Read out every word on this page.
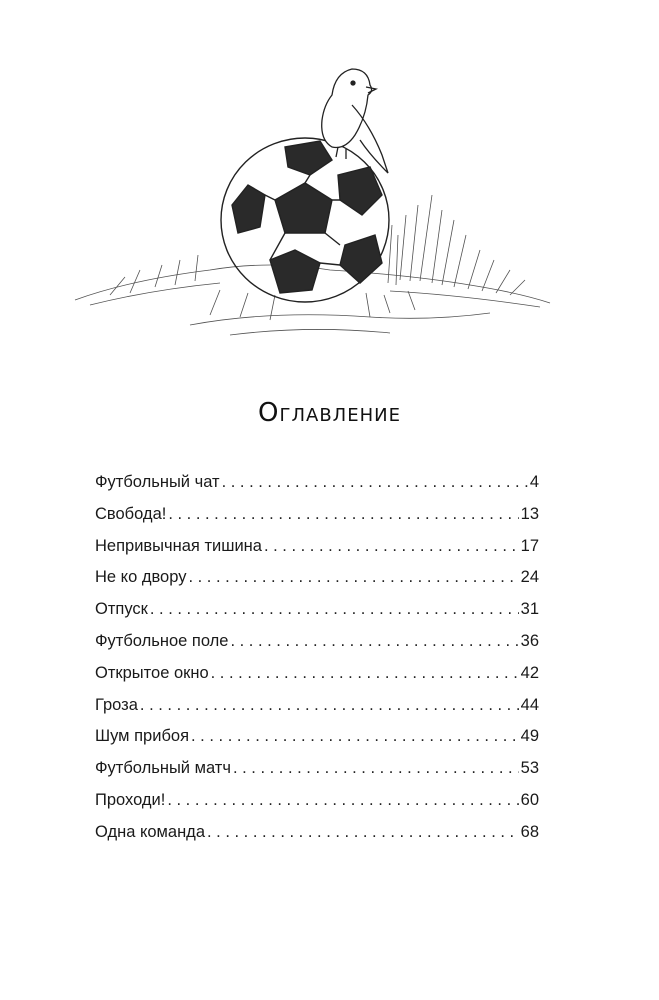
Оглавление
Футбольный чат . . .	4
Свобода! . . .	13
Непривычная тишина . . .	17
Не ко двору . . .	24
Отпуск . . .	31
Футбольное поле . . .	36
Открытое окно . . .	42
Гроза . . .	44
Шум прибоя . . .	49
Футбольный матч . . .	53
Проходи! . . .	60
Одна команда . . .	68
